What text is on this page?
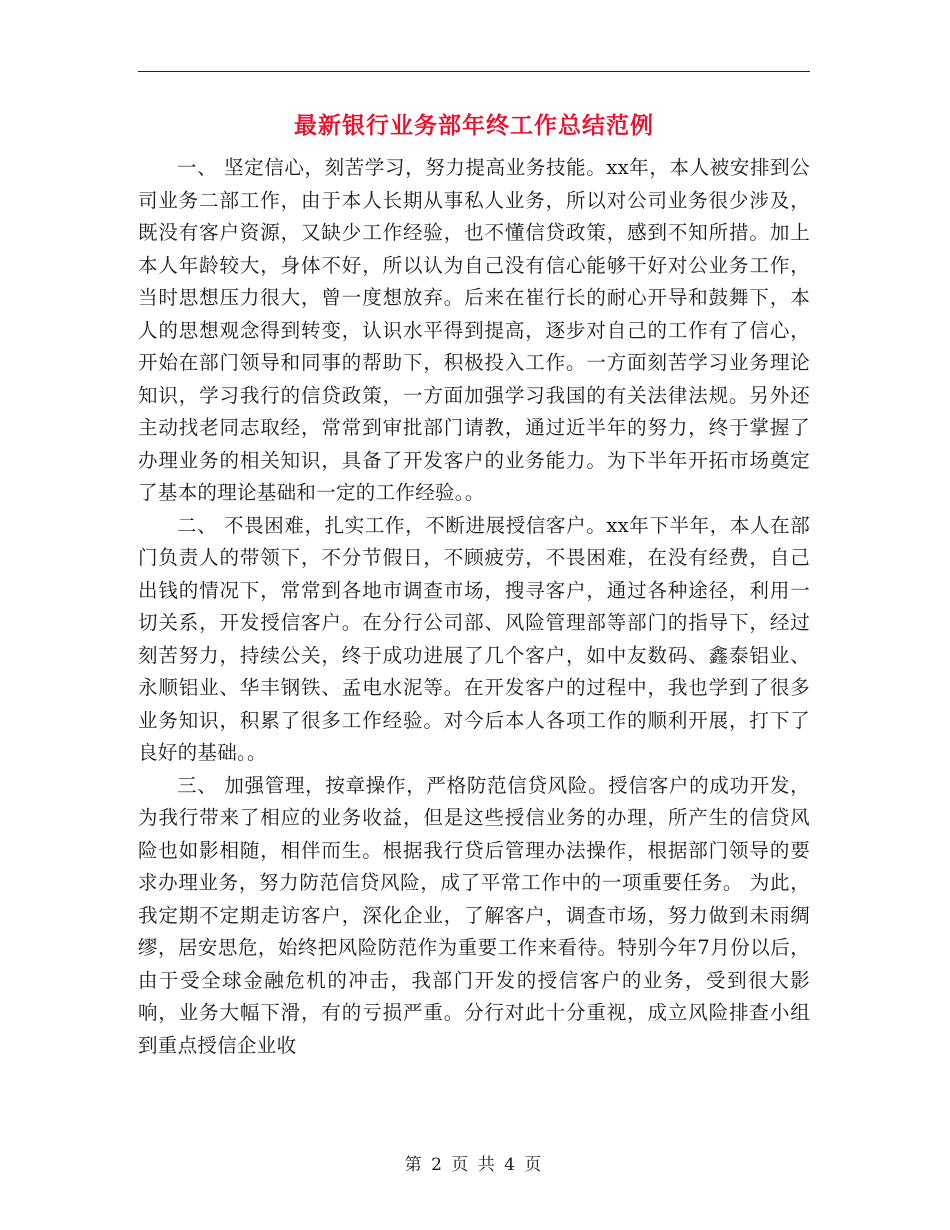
最新银行业务部年终工作总结范例

一、 坚定信心，刻苦学习，努力提高业务技能。xx年，本人被安排到公司业务二部工作，由于本人长期从事私人业务，所以对公司业务很少涉及，既没有客户资源，又缺少工作经验，也不懂信贷政策，感到不知所措。加上本人年龄较大，身体不好，所以认为自己没有信心能够干好对公业务工作，当时思想压力很大，曾一度想放弃。后来在崔行长的耐心开导和鼓舞下，本人的思想观念得到转变，认识水平得到提高，逐步对自己的工作有了信心，开始在部门领导和同事的帮助下，积极投入工作。一方面刻苦学习业务理论知识，学习我行的信贷政策，一方面加强学习我国的有关法律法规。另外还主动找老同志取经，常常到审批部门请教，通过近半年的努力，终于掌握了办理业务的相关知识，具备了开发客户的业务能力。为下半年开拓市场奠定了基本的理论基础和一定的工作经验。。

二、 不畏困难，扎实工作，不断进展授信客户。xx年下半年，本人在部门负责人的带领下，不分节假日，不顾疲劳，不畏困难，在没有经费，自己出钱的情况下，常常到各地市调查市场，搜寻客户，通过各种途径，利用一切关系，开发授信客户。在分行公司部、风险管理部等部门的指导下，经过刻苦努力，持续公关，终于成功进展了几个客户，如中友数码、鑫泰铝业、永顺铝业、华丰钢铁、孟电水泥等。在开发客户的过程中，我也学到了很多业务知识，积累了很多工作经验。对今后本人各项工作的顺利开展，打下了良好的基础。。

三、 加强管理，按章操作，严格防范信贷风险。授信客户的成功开发，为我行带来了相应的业务收益，但是这些授信业务的办理，所产生的信贷风险也如影相随，相伴而生。根据我行贷后管理办法操作，根据部门领导的要求办理业务，努力防范信贷风险，成了平常工作中的一项重要任务。 为此，我定期不定期走访客户，深化企业，了解客户，调查市场，努力做到未雨绸缪，居安思危，始终把风险防范作为重要工作来看待。特别今年7月份以后，由于受全球金融危机的冲击，我部门开发的授信客户的业务，受到很大影响，业务大幅下滑，有的亏损严重。分行对此十分重视，成立风险排查小组到重点授信企业收

第 2 页 共 4 页
